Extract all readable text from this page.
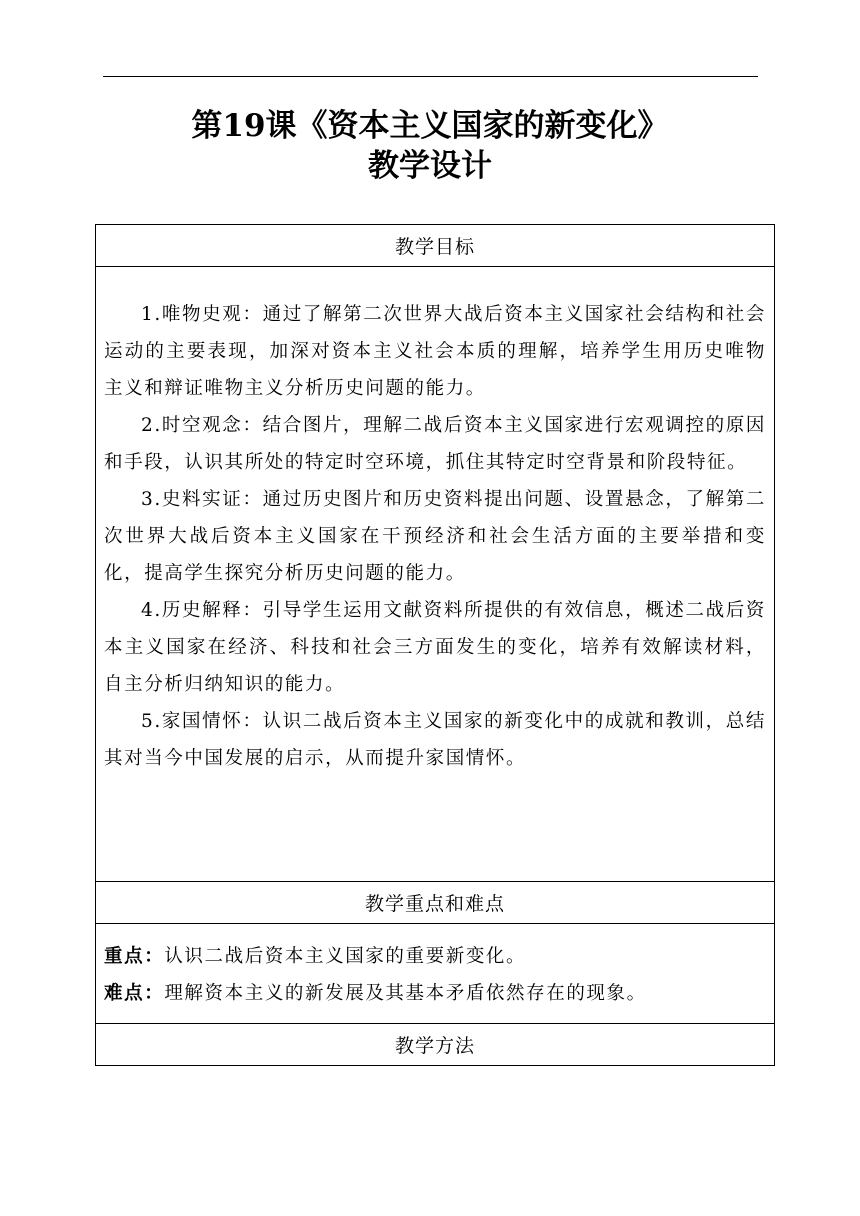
第19课《资本主义国家的新变化》
教学设计
教学目标

1.唯物史观：通过了解第二次世界大战后资本主义国家社会结构和社会运动的主要表现，加深对资本主义社会本质的理解，培养学生用历史唯物主义和辩证唯物主义分析历史问题的能力。

2.时空观念：结合图片，理解二战后资本主义国家进行宏观调控的原因和手段，认识其所处的特定时空环境，抓住其特定时空背景和阶段特征。

3.史料实证：通过历史图片和历史资料提出问题、设置悬念，了解第二次世界大战后资本主义国家在干预经济和社会生活方面的主要举措和变化，提高学生探究分析历史问题的能力。

4.历史解释：引导学生运用文献资料所提供的有效信息，概述二战后资本主义国家在经济、科技和社会三方面发生的变化，培养有效解读材料，自主分析归纳知识的能力。

5.家国情怀：认识二战后资本主义国家的新变化中的成就和教训，总结其对当今中国发展的启示，从而提升家国情怀。

教学重点和难点

重点：认识二战后资本主义国家的重要新变化。

难点：理解资本主义的新发展及其基本矛盾依然存在的现象。

教学方法
